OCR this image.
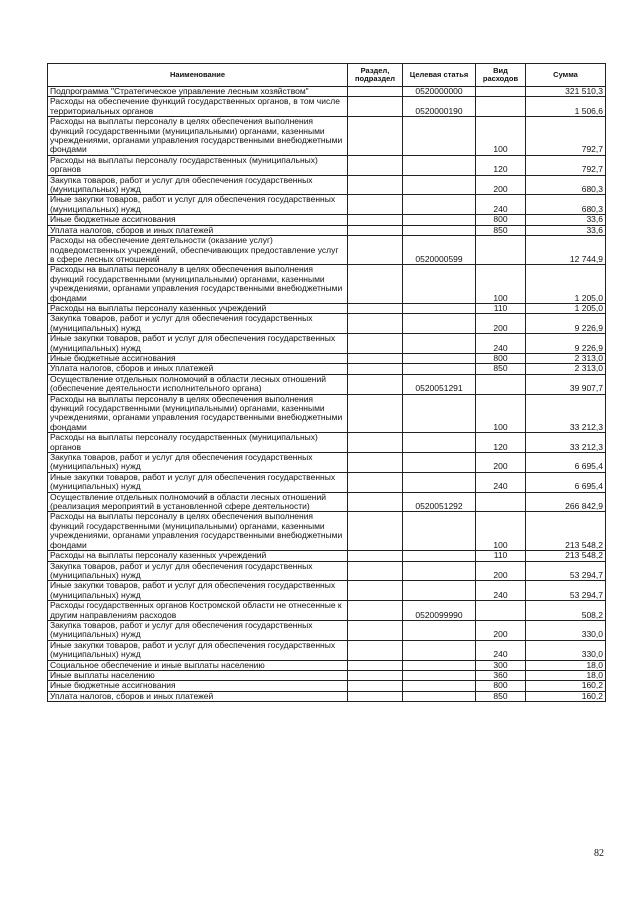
Наименование	Раздел, подраздел	Целевая статья	Вид расходов	Сумма
Подпрограмма "Стратегическое управление лесным хозяйством"		0520000000		321 510,3
Расходы на обеспечение функций государственных органов, в том числе территориальных органов		0520000190		1 506,6
Расходы на выплаты персоналу в целях обеспечения выполнения функций государственными (муниципальными) органами, казенными учреждениями, органами управления государственными внебюджетными фондами			100	792,7
Расходы на выплаты персоналу государственных (муниципальных) органов			120	792,7
Закупка товаров, работ и услуг для обеспечения государственных (муниципальных) нужд			200	680,3
Иные закупки товаров, работ и услуг для обеспечения государственных (муниципальных) нужд			240	680,3
Иные бюджетные ассигнования			800	33,6
Уплата налогов, сборов и иных платежей			850	33,6
Расходы на обеспечение деятельности (оказание услуг) подведомственных учреждений, обеспечивающих предоставление услуг в сфере лесных отношений		0520000599		12 744,9
Расходы на выплаты персоналу в целях обеспечения выполнения функций государственными (муниципальными) органами, казенными учреждениями, органами управления государственными внебюджетными фондами			100	1 205,0
Расходы на выплаты персоналу казенных учреждений			110	1 205,0
Закупка товаров, работ и услуг для обеспечения государственных (муниципальных) нужд			200	9 226,9
Иные закупки товаров, работ и услуг для обеспечения государственных (муниципальных) нужд			240	9 226,9
Иные бюджетные ассигнования			800	2 313,0
Уплата налогов, сборов и иных платежей			850	2 313,0
Осуществление отдельных полномочий в области лесных отношений (обеспечение деятельности исполнительного органа)		0520051291		39 907,7
Расходы на выплаты персоналу в целях обеспечения выполнения функций государственными (муниципальными) органами, казенными учреждениями, органами управления государственными внебюджетными фондами			100	33 212,3
Расходы на выплаты персоналу государственных (муниципальных) органов			120	33 212,3
Закупка товаров, работ и услуг для обеспечения государственных (муниципальных) нужд			200	6 695,4
Иные закупки товаров, работ и услуг для обеспечения государственных (муниципальных) нужд			240	6 695,4
Осуществление отдельных полномочий в области лесных отношений (реализация мероприятий в установленной сфере деятельности)		0520051292		266 842,9
Расходы на выплаты персоналу в целях обеспечения выполнения функций государственными (муниципальными) органами, казенными учреждениями, органами управления государственными внебюджетными фондами			100	213 548,2
Расходы на выплаты персоналу казенных учреждений			110	213 548,2
Закупка товаров, работ и услуг для обеспечения государственных (муниципальных) нужд			200	53 294,7
Иные закупки товаров, работ и услуг для обеспечения государственных (муниципальных) нужд			240	53 294,7
Расходы государственных органов Костромской области не отнесенные к другим направлениям расходов		0520099990		508,2
Закупка товаров, работ и услуг для обеспечения государственных (муниципальных) нужд			200	330,0
Иные закупки товаров, работ и услуг для обеспечения государственных (муниципальных) нужд			240	330,0
Социальное обеспечение и иные выплаты населению			300	18,0
Иные выплаты населению			360	18,0
Иные бюджетные ассигнования			800	160,2
Уплата налогов, сборов и иных платежей			850	160,2
82
